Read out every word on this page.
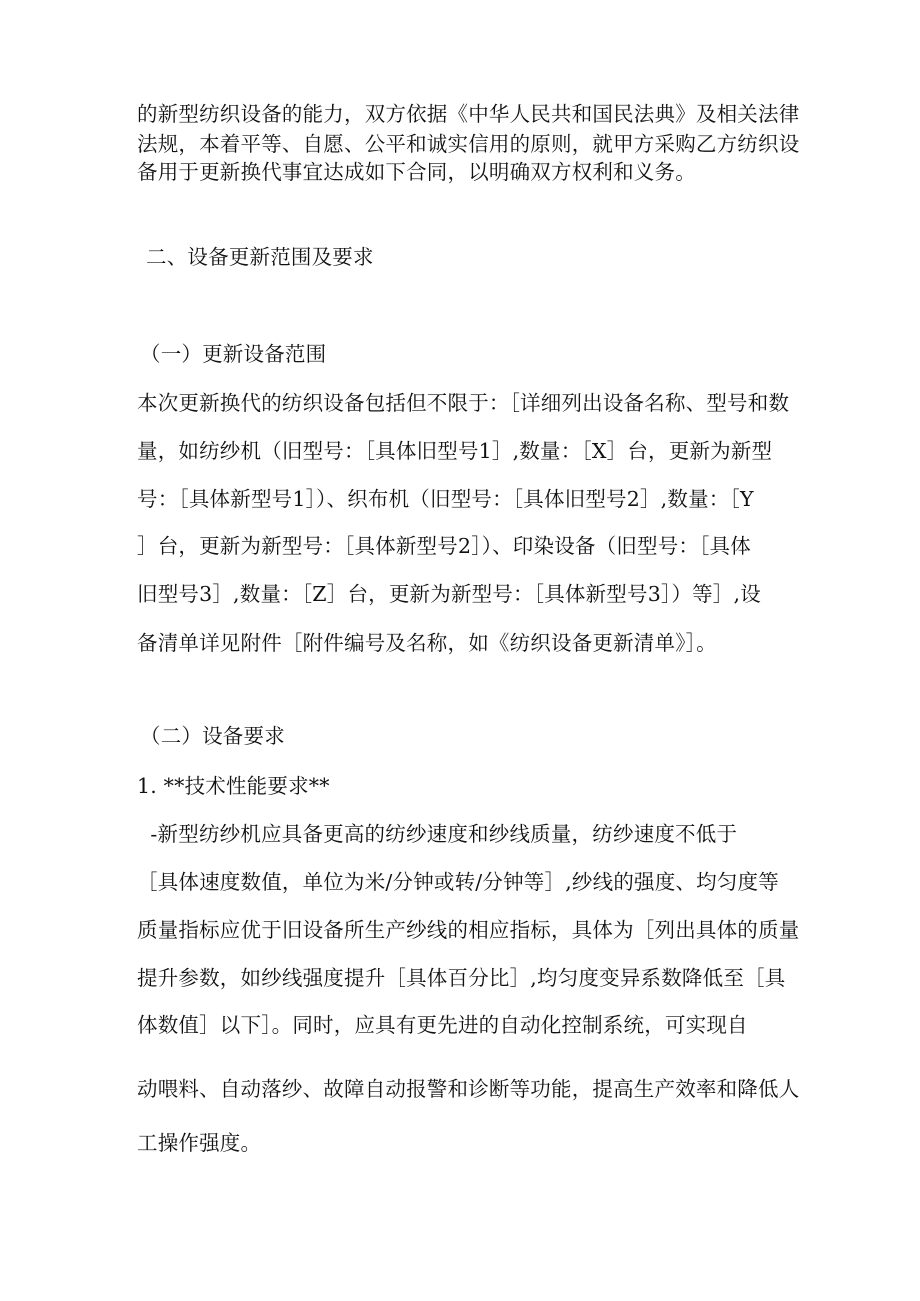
的新型纺织设备的能力，双方依据《中华人民共和国民法典》及相关法律
法规，本着平等、自愿、公平和诚实信用的原则，就甲方采购乙方纺织设
备用于更新换代事宜达成如下合同，以明确双方权利和义务。
二、设备更新范围及要求
（一）更新设备范围
本次更新换代的纺织设备包括但不限于：［详细列出设备名称、型号和数
量，如纺纱机（旧型号：［具体旧型号1］,数量：［X］台，更新为新型
号：［具体新型号1］）、织布机（旧型号：［具体旧型号2］,数量：［Y
］台，更新为新型号：［具体新型号2］）、印染设备（旧型号：［具体
旧型号3］,数量：［Z］台，更新为新型号：［具体新型号3］）等］,设
备清单详见附件［附件编号及名称，如《纺织设备更新清单》］。
（二）设备要求
1. **技术性能要求**
-新型纺纱机应具备更高的纺纱速度和纱线质量，纺纱速度不低于
［具体速度数值，单位为米/分钟或转/分钟等］,纱线的强度、均匀度等
质量指标应优于旧设备所生产纱线的相应指标，具体为［列出具体的质量
提升参数，如纱线强度提升［具体百分比］,均匀度变异系数降低至［具
体数值］以下］。同时，应具有更先进的自动化控制系统，可实现自
动喂料、自动落纱、故障自动报警和诊断等功能，提高生产效率和降低人
工操作强度。
